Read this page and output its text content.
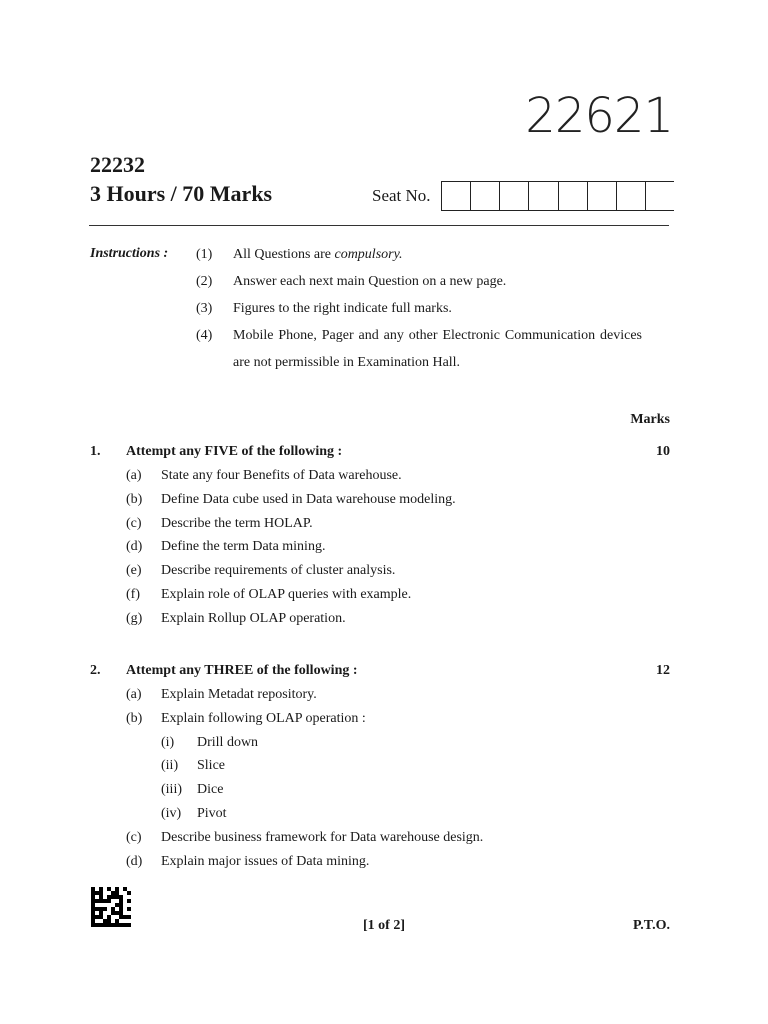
22621
22232
3 Hours / 70 Marks	Seat No.
Instructions : (1)	All Questions are compulsory.
(2)	Answer each next main Question on a new page.
(3)	Figures to the right indicate full marks.
(4)	Mobile Phone, Pager and any other Electronic Communication devices are not permissible in Examination Hall.
Marks
1.	Attempt any FIVE of the following :	10
(a)	State any four Benefits of Data warehouse.
(b)	Define Data cube used in Data warehouse modeling.
(c)	Describe the term HOLAP.
(d)	Define the term Data mining.
(e)	Describe requirements of cluster analysis.
(f)	Explain role of OLAP queries with example.
(g)	Explain Rollup OLAP operation.
2.	Attempt any THREE of the following :	12
(a)	Explain Metadat repository.
(b)	Explain following OLAP operation :
(i)	Drill down
(ii)	Slice
(iii)	Dice
(iv)	Pivot
(c)	Describe business framework for Data warehouse design.
(d)	Explain major issues of Data mining.
[1 of 2]	P.T.O.
